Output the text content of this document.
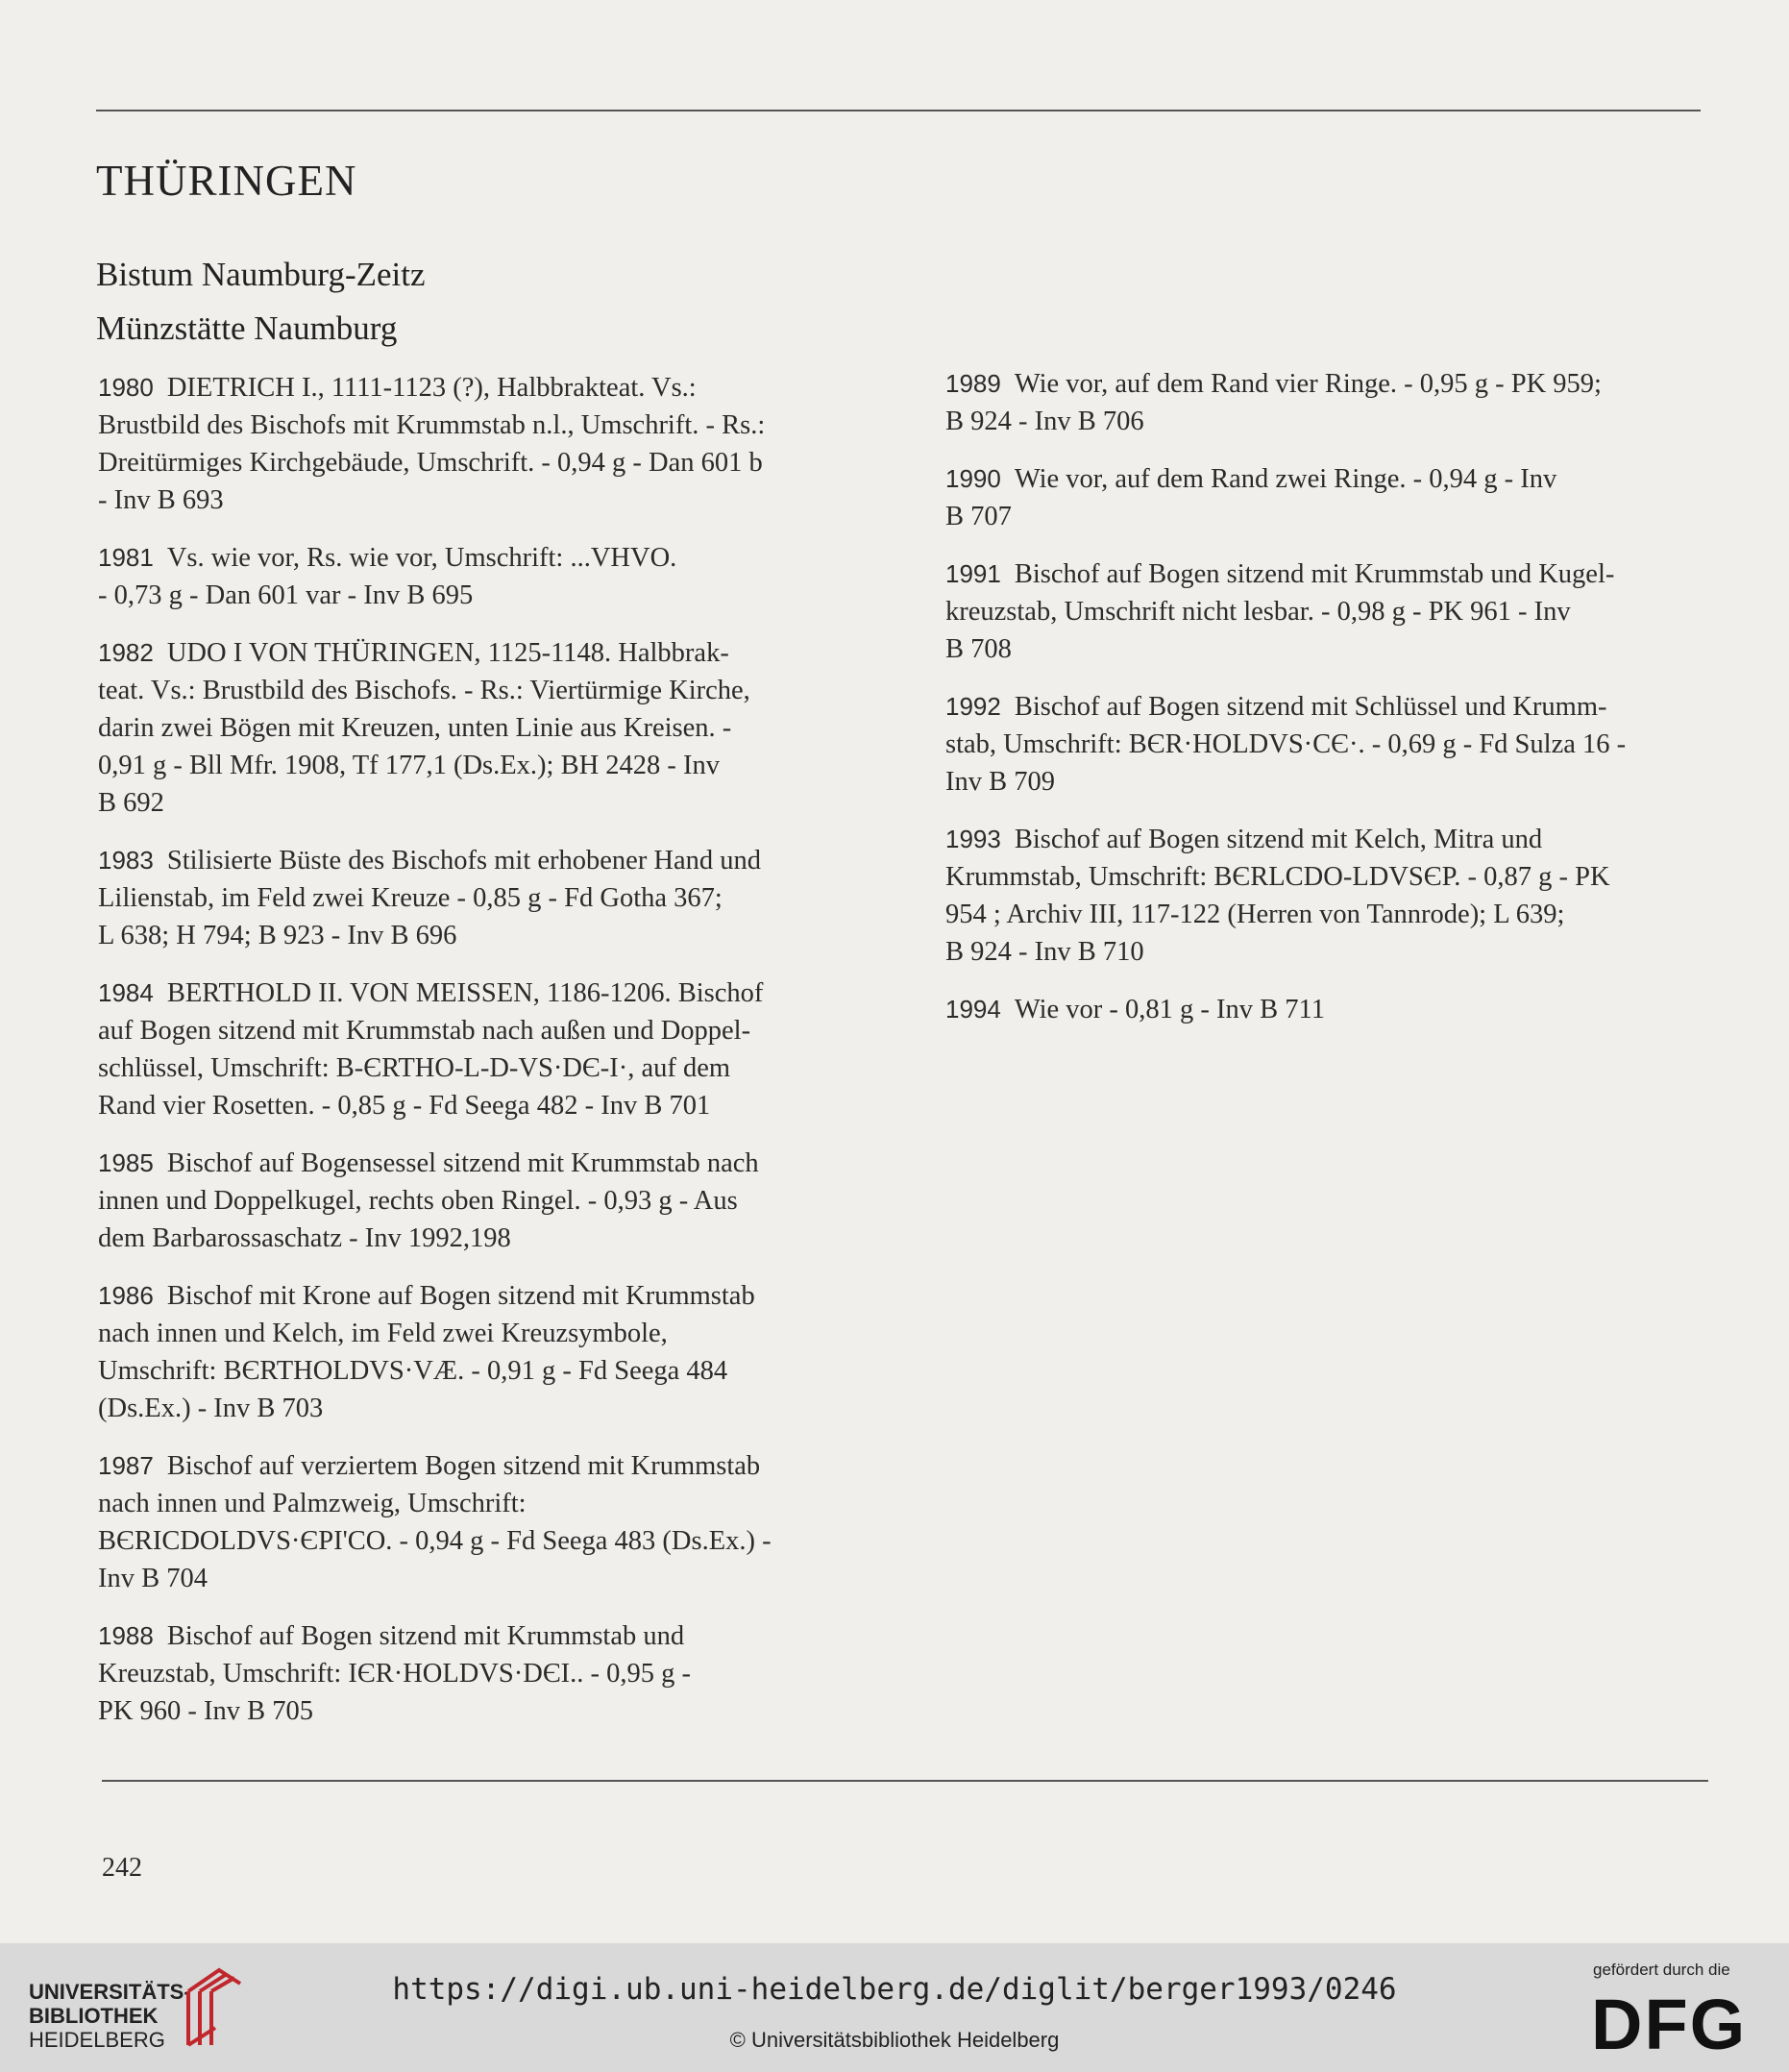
THÜRINGEN
Bistum Naumburg-Zeitz
Münzstätte Naumburg
1980 DIETRICH I., 1111-1123 (?), Halbbrakteat. Vs.:
Brustbild des Bischofs mit Krummstab n.l., Umschrift. - Rs.:
Dreitürmiges Kirchgebäude, Umschrift. - 0,94 g - Dan 601 b
- Inv B 693
1981 Vs. wie vor, Rs. wie vor, Umschrift: ...VHVO.
- 0,73 g - Dan 601 var - Inv B 695
1982 UDO I VON THÜRINGEN, 1125-1148. Halbbrak-
teat. Vs.: Brustbild des Bischofs. - Rs.: Viertürmige Kirche,
darin zwei Bögen mit Kreuzen, unten Linie aus Kreisen. -
0,91 g - Bll Mfr. 1908, Tf 177,1 (Ds.Ex.); BH 2428 - Inv
B 692
1983 Stilisierte Büste des Bischofs mit erhobener Hand und
Lilienstab, im Feld zwei Kreuze - 0,85 g - Fd Gotha 367;
L 638; H 794; B 923 - Inv B 696
1984 BERTHOLD II. VON MEISSEN, 1186-1206. Bischof
auf Bogen sitzend mit Krummstab nach außen und Doppel-
schlüssel, Umschrift: B-ЄRTHO-L-D-VS·DЄ-I·, auf dem
Rand vier Rosetten. - 0,85 g - Fd Seega 482 - Inv B 701
1985 Bischof auf Bogensessel sitzend mit Krummstab nach
innen und Doppelkugel, rechts oben Ringel. - 0,93 g - Aus
dem Barbarossaschatz - Inv 1992,198
1986 Bischof mit Krone auf Bogen sitzend mit Krummstab
nach innen und Kelch, im Feld zwei Kreuzsymbole,
Umschrift: BЄRTHOLDVS·VÆ. - 0,91 g - Fd Seega 484
(Ds.Ex.) - Inv B 703
1987 Bischof auf verziertem Bogen sitzend mit Krummstab
nach innen und Palmzweig, Umschrift:
BЄRICDOLDVS·ЄPI'CO. - 0,94 g - Fd Seega 483 (Ds.Ex.) -
Inv B 704
1988 Bischof auf Bogen sitzend mit Krummstab und
Kreuzstab, Umschrift: IЄR·HOLDVS·DЄI.. - 0,95 g -
PK 960 - Inv B 705
1989 Wie vor, auf dem Rand vier Ringe. - 0,95 g - PK 959;
B 924 - Inv B 706
1990 Wie vor, auf dem Rand zwei Ringe. - 0,94 g - Inv
B 707
1991 Bischof auf Bogen sitzend mit Krummstab und Kugel-
kreuzstab, Umschrift nicht lesbar. - 0,98 g - PK 961 - Inv
B 708
1992 Bischof auf Bogen sitzend mit Schlüssel und Krumm-
stab, Umschrift: BЄR·HOLDVS·CЄ·. - 0,69 g - Fd Sulza 16 -
Inv B 709
1993 Bischof auf Bogen sitzend mit Kelch, Mitra und
Krummstab, Umschrift: BЄRLCDO-LDVSЄP. - 0,87 g - PK
954 ; Archiv III, 117-122 (Herren von Tannrode); L 639;
B 924 - Inv B 710
1994 Wie vor - 0,81 g - Inv B 711
242
UNIVERSITÄTS-
BIBLIOTHEK
HEIDELBERG
https://digi.ub.uni-heidelberg.de/diglit/berger1993/0246
© Universitätsbibliothek Heidelberg
gefördert durch die
DFG
